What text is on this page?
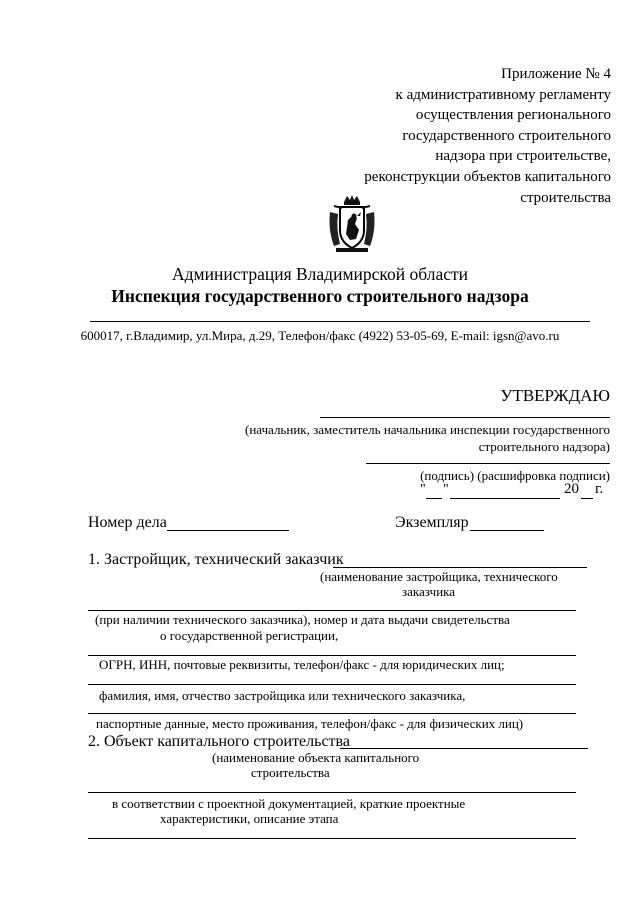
Приложение № 4
к административному регламенту
осуществления регионального
государственного строительного
надзора при строительстве,
реконструкции объектов капитального
строительства
Администрация Владимирской области
Инспекция государственного строительного надзора
600017, г.Владимир, ул.Мира, д.29, Телефон/факс (4922) 53-05-69, E-mail: igsn@avo.ru
УТВЕРЖДАЮ
(начальник, заместитель начальника инспекции государственного
строительного надзора)
(подпись) (расшифровка подписи)
" "	20 г.
Номер дела	Экземпляр
1. Застройщик, технический заказчик
(наименование застройщика, технического
заказчика
(при наличии технического заказчика), номер и дата выдачи свидетельства
о государственной регистрации,
ОГРН, ИНН, почтовые реквизиты, телефон/факс - для юридических лиц;
фамилия, имя, отчество застройщика или технического заказчика,
паспортные данные, место проживания, телефон/факс - для физических лиц)
2. Объект капитального строительства
(наименование объекта капитального
строительства
в соответствии с проектной документацией, краткие проектные
характеристики, описание этапа
